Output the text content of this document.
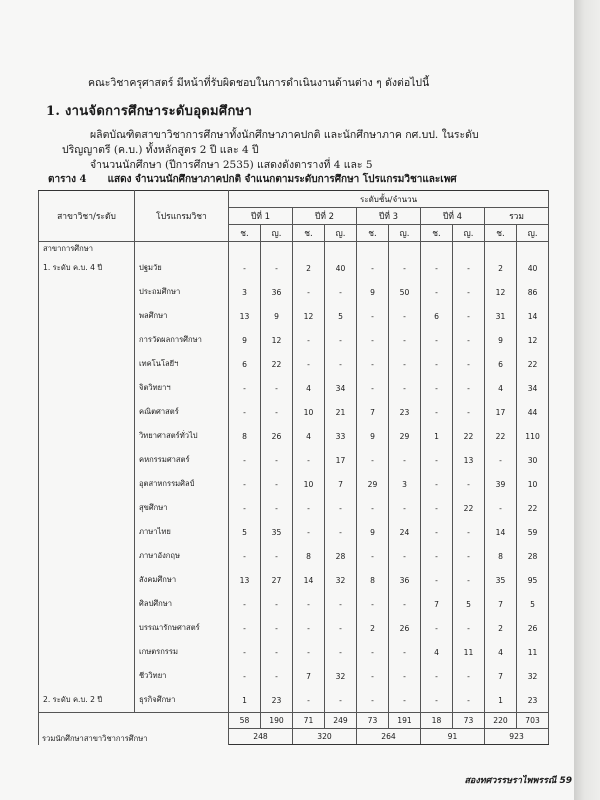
คณะวิชาครุศาสตร์ มีหน้าที่รับผิดชอบในการดำเนินงานด้านต่าง ๆ ดังต่อไปนี้
1. งานจัดการศึกษาระดับอุดมศึกษา
ผลิตบัณฑิตสาขาวิชาการศึกษาทั้งนักศึกษาภาคปกติ และนักศึกษาภาค กศ.บป. ในระดับ
ปริญญาตรี (ค.บ.) ทั้งหลักสูตร 2 ปี และ 4 ปี
จำนวนนักศึกษา (ปีการศึกษา 2535) แสดงดังตารางที่ 4 และ 5
ตาราง 4 แสดง จำนวนนักศึกษาภาคปกติ จำแนกตามระดับการศึกษา โปรแกรมวิชาและเพศ
สาขาวิชา/ระดับ	โปรแกรมวิชา	ระดับชั้น/จำนวน									
		ปีที่ 1		ปีที่ 2		ปีที่ 3		ปีที่ 4		รวม	
		ช.	ญ.	ช.	ญ.	ช.	ญ.	ช.	ญ.	ช.	ญ.
สาขาการศึกษา											
1. ระดับ ค.บ. 4 ปี	ปฐมวัย	-	-	2	40	-	-	-	-	2	40
	ประถมศึกษา	3	36	-	-	9	50	-	-	12	86
	พลศึกษา	13	9	12	5	-	-	6	-	31	14
	การวัดผลการศึกษา	9	12	-	-	-	-	-	-	9	12
	เทคโนโลยีฯ	6	22	-	-	-	-	-	-	6	22
	จิตวิทยาฯ	-	-	4	34	-	-	-	-	4	34
	คณิตศาสตร์	-	-	10	21	7	23	-	-	17	44
	วิทยาศาสตร์ทั่วไป	8	26	4	33	9	29	1	22	22	110
	คหกรรมศาสตร์	-	-	-	17	-	-	-	13	-	30
	อุตสาหกรรมศิลป์	-	-	10	7	29	3	-	-	39	10
	สุขศึกษา	-	-	-	-	-	-	-	22	-	22
	ภาษาไทย	5	35	-	-	9	24	-	-	14	59
	ภาษาอังกฤษ	-	-	8	28	-	-	-	-	8	28
	สังคมศึกษา	13	27	14	32	8	36	-	-	35	95
	ศิลปศึกษา	-	-	-	-	-	-	7	5	7	5
	บรรณารักษศาสตร์	-	-	-	-	2	26	-	-	2	26
	เกษตรกรรม	-	-	-	-	-	-	4	11	4	11
	ชีววิทยา	-	-	7	32	-	-	-	-	7	32
2. ระดับ ค.บ. 2 ปี	ธุรกิจศึกษา	1	23	-	-	-	-	-	-	1	23
รวมนักศึกษาสาขาวิชาการศึกษา		58	190	71	249	73	191	18	73	220	703
		248		320		264		91		923	
สองทศวรรษราไพพรรณี 59
